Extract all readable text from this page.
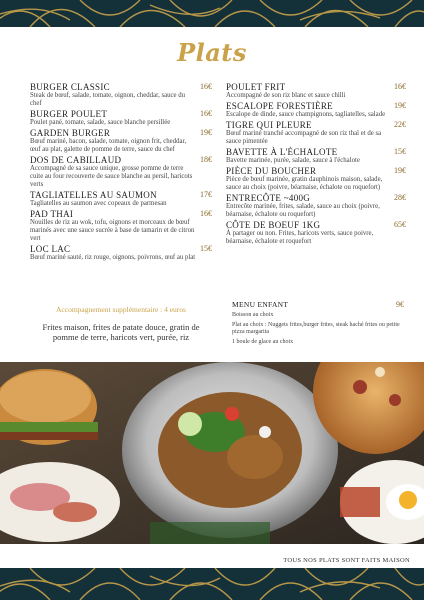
Plats
BURGER CLASSIC	16€
Steak de bœuf, salade, tomate, oignon, cheddar, sauce du chef
BURGER POULET	16€
Poulet pané, tomate, salade, sauce blanche persillée
GARDEN BURGER	19€
Bœuf mariné, bacon, salade, tomate, oignon frit, cheddar, œuf au plat, galette de pomme de terre, sauce du chef
DOS DE CABILLAUD	18€
Accompagné de sa sauce unique, grosse pomme de terre cuite au four recouverte de sauce blanche au persil, haricots verts
TAGLIATELLES AU SAUMON	17€
Tagliatelles au saumon avec copeaux de parmesan
PAD THAI	16€
Nouilles de riz au wok, tofu, oignons et morceaux de bœuf marinés avec une sauce sucrée à base de tamarin et de citron vert
LOC LAC	15€
Bœuf mariné sauté, riz rouge, oignons, poivrons, œuf au plat
POULET FRIT	16€
Accompagné de son riz blanc et sauce chilli
ESCALOPE FORESTIÈRE	19€
Escalope de dinde, sauce champignons, tagliatelles, salade
TIGRE QUI PLEURE	22€
Bœuf mariné tranché accompagné de son riz thaï et de sa sauce pimentée
BAVETTE À L'ÉCHALOTE	15€
Bavette marinée, purée, salade, sauce à l'échalote
PIÈCE DU BOUCHER	19€
Pièce de bœuf marinée, gratin dauphinois maison, salade, sauce au choix (poivre, béarnaise, échalote ou roquefort)
ENTRECÔTE ~400G	28€
Entrecôte marinée, frites, salade, sauce au choix (poivre, béarnaise, échalote ou roquefort)
CÔTE DE BOEUF 1KG	65€
À partager ou non. Frites, haricots verts, sauce poivre, béarnaise, échalote et roquefort
Accompagnement supplémentaire : 4 euros
Frites maison, frites de patate douce, gratin de pomme de terre, haricots vert, purée, riz
MENU ENFANT	9€
Boisson au choix
Plat au choix : Nuggets frites,burger frites, steak haché frites ou petite pizza margarita
1 boule de glace au choix
TOUS NOS PLATS SONT FAITS MAISON
